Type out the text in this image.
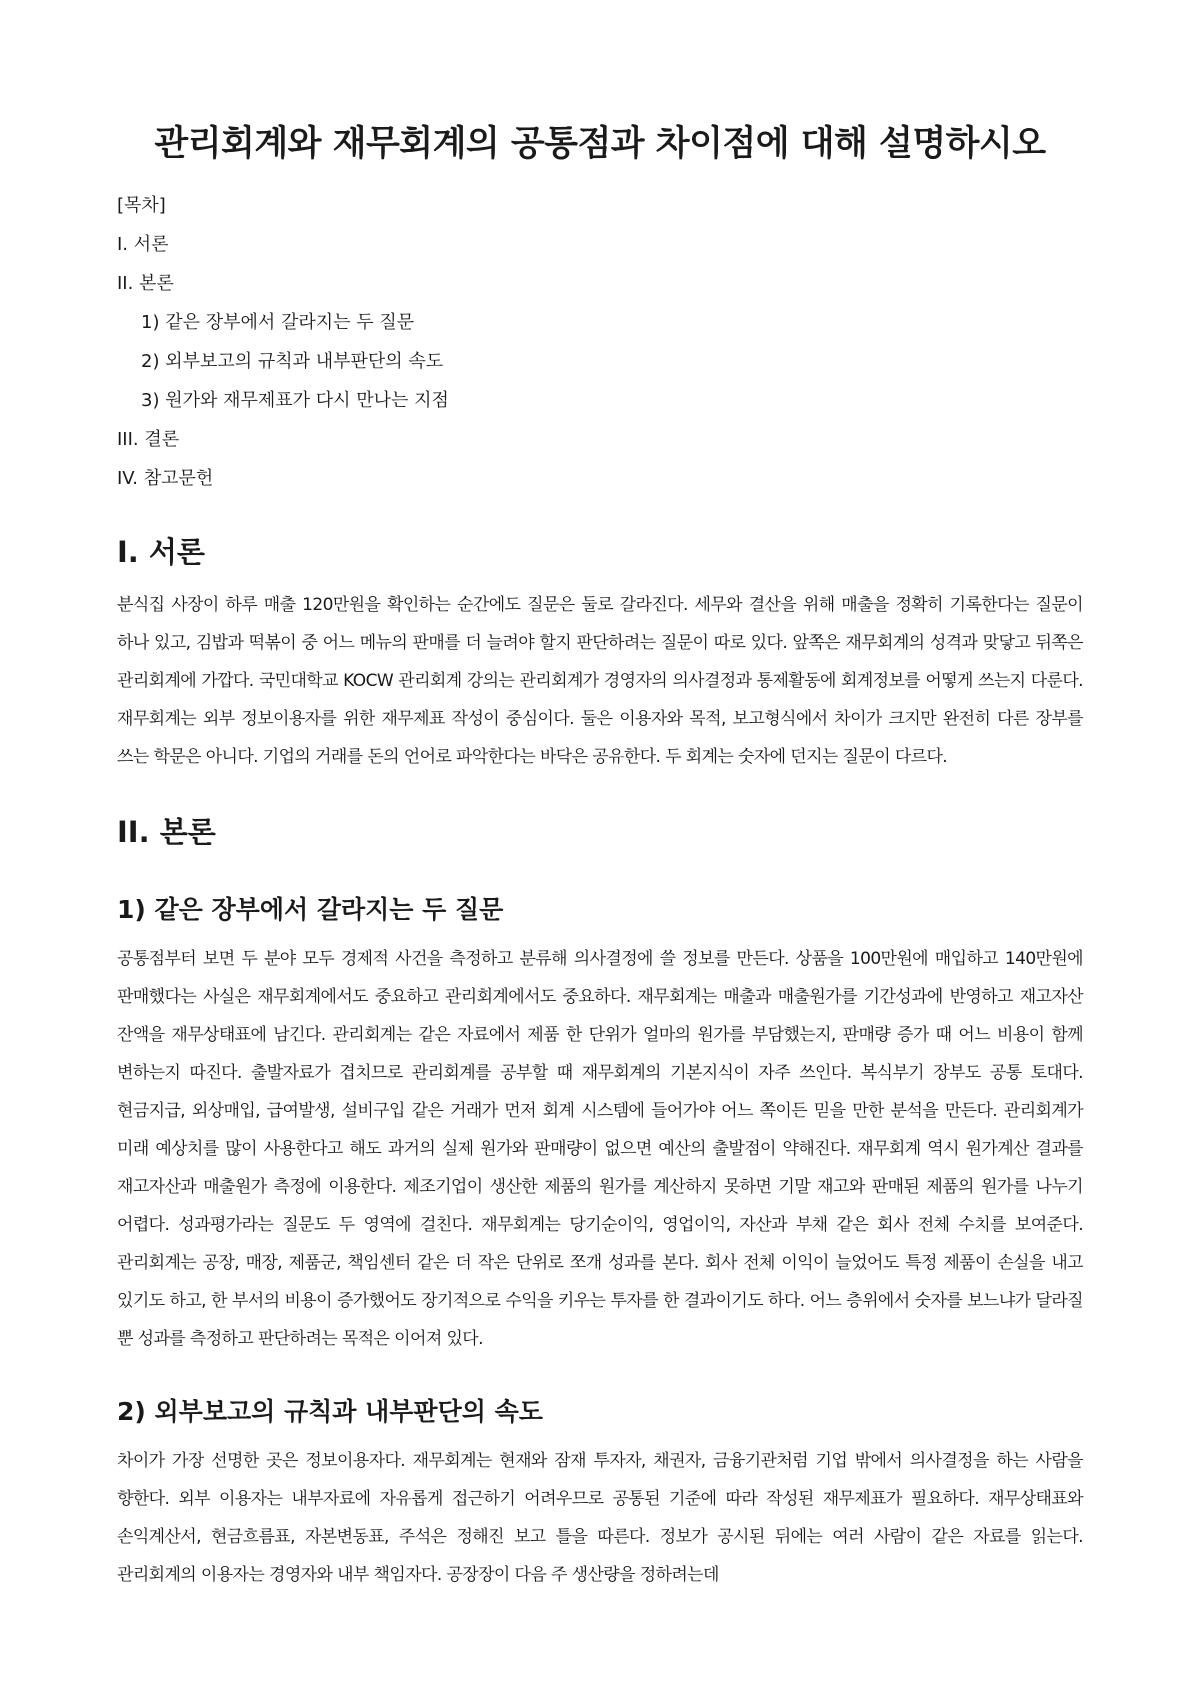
관리회계와 재무회계의 공통점과 차이점에 대해 설명하시오
[목차]
I. 서론
II. 본론
1) 같은 장부에서 갈라지는 두 질문
2) 외부보고의 규칙과 내부판단의 속도
3) 원가와 재무제표가 다시 만나는 지점
III. 결론
IV. 참고문헌
I. 서론

분식집 사장이 하루 매출 120만원을 확인하는 순간에도 질문은 둘로 갈라진다. 세무와 결산을 위해 매출을 정확히 기록한다는 질문이 하나 있고, 김밥과 떡볶이 중 어느 메뉴의 판매를 더 늘려야 할지 판단하려는 질문이 따로 있다. 앞쪽은 재무회계의 성격과 맞닿고 뒤쪽은 관리회계에 가깝다. 국민대학교 KOCW 관리회계 강의는 관리회계가 경영자의 의사결정과 통제활동에 회계정보를 어떻게 쓰는지 다룬다. 재무회계는 외부 정보이용자를 위한 재무제표 작성이 중심이다. 둘은 이용자와 목적, 보고형식에서 차이가 크지만 완전히 다른 장부를 쓰는 학문은 아니다. 기업의 거래를 돈의 언어로 파악한다는 바닥은 공유한다. 두 회계는 숫자에 던지는 질문이 다르다.

II. 본론
1) 같은 장부에서 갈라지는 두 질문

공통점부터 보면 두 분야 모두 경제적 사건을 측정하고 분류해 의사결정에 쓸 정보를 만든다. 상품을 100만원에 매입하고 140만원에 판매했다는 사실은 재무회계에서도 중요하고 관리회계에서도 중요하다. 재무회계는 매출과 매출원가를 기간성과에 반영하고 재고자산 잔액을 재무상태표에 남긴다. 관리회계는 같은 자료에서 제품 한 단위가 얼마의 원가를 부담했는지, 판매량 증가 때 어느 비용이 함께 변하는지 따진다. 출발자료가 겹치므로 관리회계를 공부할 때 재무회계의 기본지식이 자주 쓰인다. 복식부기 장부도 공통 토대다. 현금지급, 외상매입, 급여발생, 설비구입 같은 거래가 먼저 회계 시스템에 들어가야 어느 쪽이든 믿을 만한 분석을 만든다. 관리회계가 미래 예상치를 많이 사용한다고 해도 과거의 실제 원가와 판매량이 없으면 예산의 출발점이 약해진다. 재무회계 역시 원가계산 결과를 재고자산과 매출원가 측정에 이용한다. 제조기업이 생산한 제품의 원가를 계산하지 못하면 기말 재고와 판매된 제품의 원가를 나누기 어렵다. 성과평가라는 질문도 두 영역에 걸친다. 재무회계는 당기순이익, 영업이익, 자산과 부채 같은 회사 전체 수치를 보여준다. 관리회계는 공장, 매장, 제품군, 책임센터 같은 더 작은 단위로 쪼개 성과를 본다. 회사 전체 이익이 늘었어도 특정 제품이 손실을 내고 있기도 하고, 한 부서의 비용이 증가했어도 장기적으로 수익을 키우는 투자를 한 결과이기도 하다. 어느 층위에서 숫자를 보느냐가 달라질 뿐 성과를 측정하고 판단하려는 목적은 이어져 있다.

2) 외부보고의 규칙과 내부판단의 속도

차이가 가장 선명한 곳은 정보이용자다. 재무회계는 현재와 잠재 투자자, 채권자, 금융기관처럼 기업 밖에서 의사결정을 하는 사람을 향한다. 외부 이용자는 내부자료에 자유롭게 접근하기 어려우므로 공통된 기준에 따라 작성된 재무제표가 필요하다. 재무상태표와 손익계산서, 현금흐름표, 자본변동표, 주석은 정해진 보고 틀을 따른다. 정보가 공시된 뒤에는 여러 사람이 같은 자료를 읽는다. 관리회계의 이용자는 경영자와 내부 책임자다. 공장장이 다음 주 생산량을 정하려는데
